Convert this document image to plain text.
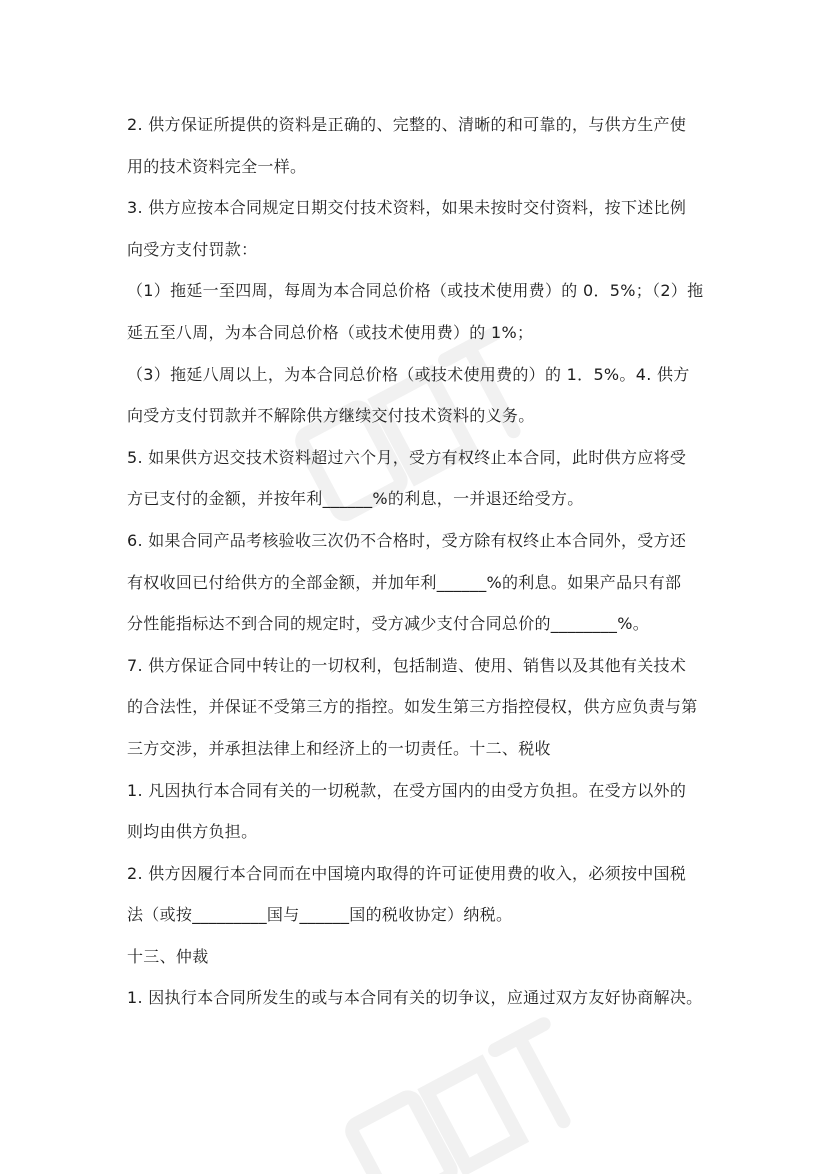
2. 供方保证所提供的资料是正确的、完整的、清晰的和可靠的，与供方生产使

用的技术资料完全一样。

3. 供方应按本合同规定日期交付技术资料，如果未按时交付资料，按下述比例

向受方支付罚款：

（1）拖延一至四周，每周为本合同总价格（或技术使用费）的 0．5%；（2）拖

延五至八周，为本合同总价格（或技术使用费）的 1%；

（3）拖延八周以上，为本合同总价格（或技术使用费的）的 1．5%。4. 供方

向受方支付罚款并不解除供方继续交付技术资料的义务。

5. 如果供方迟交技术资料超过六个月，受方有权终止本合同，此时供方应将受

方已支付的金额，并按年利______%的利息，一并退还给受方。

6. 如果合同产品考核验收三次仍不合格时，受方除有权终止本合同外，受方还

有权收回已付给供方的全部金额，并加年利______%的利息。如果产品只有部

分性能指标达不到合同的规定时，受方减少支付合同总价的________%。

7. 供方保证合同中转让的一切权利，包括制造、使用、销售以及其他有关技术

的合法性，并保证不受第三方的指控。如发生第三方指控侵权，供方应负责与第

三方交涉，并承担法律上和经济上的一切责任。十二、税收

1. 凡因执行本合同有关的一切税款，在受方国内的由受方负担。在受方以外的

则均由供方负担。

2. 供方因履行本合同而在中国境内取得的许可证使用费的收入，必须按中国税

法（或按_________国与______国的税收协定）纳税。

十三、仲裁

1. 因执行本合同所发生的或与本合同有关的切争议，应通过双方友好协商解决。
